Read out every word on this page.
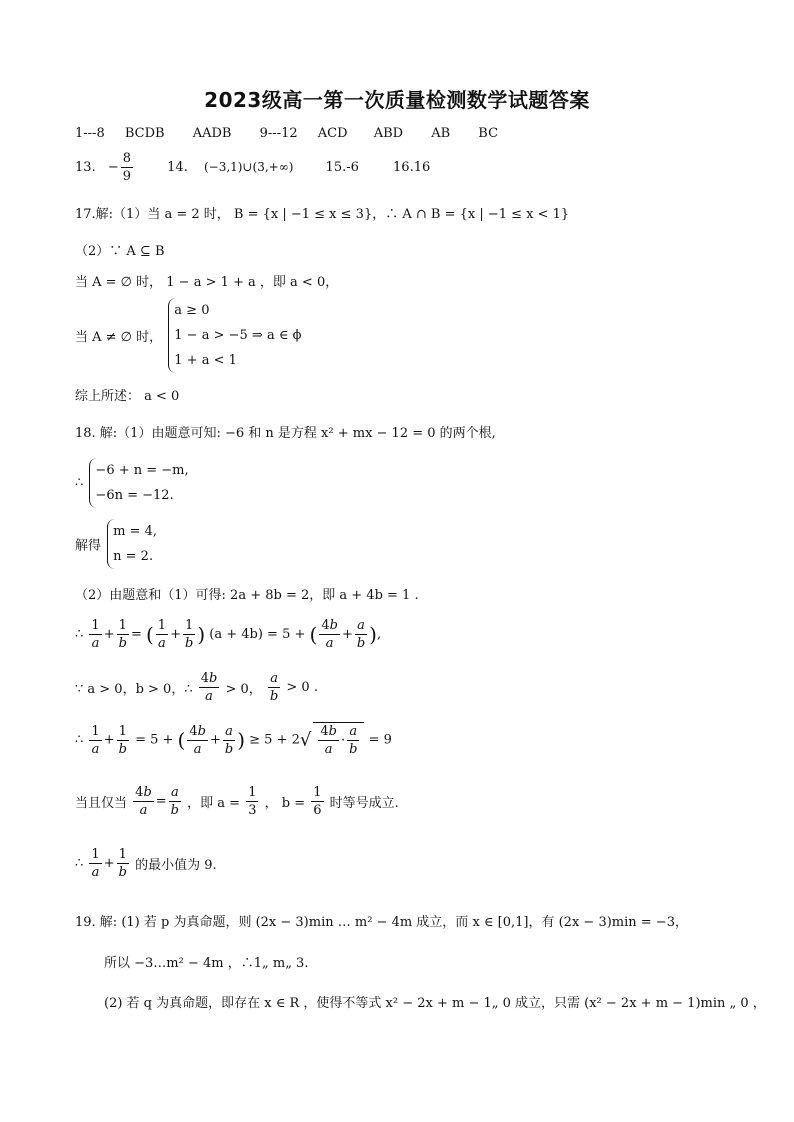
2023级高一第一次质量检测数学试题答案
1---8 BCDB AADB 9---12 ACD ABD AB BC
13. − $\frac{8}{9}$	14. (−3,1)∪(3,+∞) 15.-6	16.16
17.解:（1）当 a = 2 时， B = {x | −1 ≤ x ≤ 3}，∴ A ∩ B = {x | −1 ≤ x < 1}
（2）∵ A ⊆ B
当 A = ∅ 时， 1 − a > 1 + a ，即 a < 0，
当 A ≠ ∅ 时，
a ≥ 0
1 − a > −5 ⇒ a ∈ ϕ
1 + a < 1
综上所述： a < 0
18. 解:（1）由题意可知: −6 和 n 是方程 x² + mx − 12 = 0 的两个根,
∴
−6 + n = −m,
−6n = −12.
解得
m = 4,
n = 2.
（2）由题意和（1）可得: 2a + 8b = 2，即 a + 4b = 1 .
∴ $\frac{1}{a} + \frac{1}{b}$ = ( $\frac{1}{a} + \frac{1}{b}$ ) (a + 4b) = 5 + ( $\frac{4b}{a} + \frac{a}{b}$ ),
∵ a > 0，b > 0，∴ $\frac{4b}{a} > 0$， $\frac{a}{b} > 0$ .
∴ $\frac{1}{a} + \frac{1}{b} = 5$ + ( $\frac{4b}{a} + \frac{a}{b}$ ) ≥ $5 + 2√ \frac{4b}{a} \cdot \frac{a}{b} = 9$
当且仅当 $\frac{4b}{a} = \frac{a}{b}$ ，即 $a = \frac{1}{3}$ ， $b = \frac{1}{6}$ 时等号成立.
∴ $\frac{1}{a} + \frac{1}{b}$ 的最小值为 9.
19. 解: (1) 若 p 为真命题，则 (2x − 3)min … m² − 4m 成立，而 x ∈ [0,1]，有 (2x − 3)min = −3，
所以 −3…m² − 4m ，∴1„ m„ 3.
(2) 若 q 为真命题，即存在 x ∈ R ，使得不等式 x² − 2x + m − 1„ 0 成立，只需 (x² − 2x + m − 1)min „ 0 ，
